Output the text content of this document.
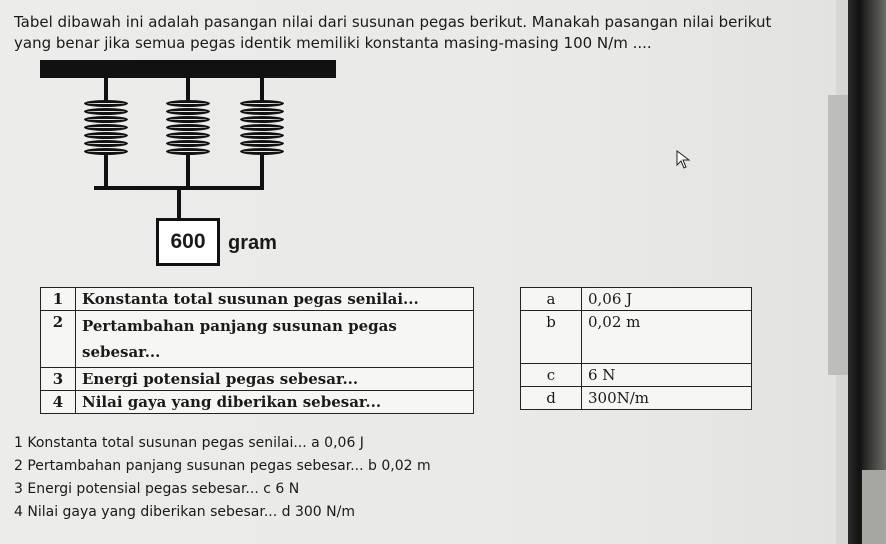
Tabel dibawah ini adalah pasangan nilai dari susunan pegas berikut. Manakah pasangan nilai berikut yang benar jika semua pegas identik memiliki konstanta masing-masing 100 N/m ....
600	gram
1	Konstanta total susunan pegas senilai...
2	Pertambahan panjang susunan pegas sebesar...
3	Energi potensial pegas sebesar...
4	Nilai gaya yang diberikan sebesar...
a	0,06 J
b	0,02 m
c	6 N
d	300N/m
1 Konstanta total susunan pegas senilai... a 0,06 J
2 Pertambahan panjang susunan pegas sebesar... b 0,02 m
3 Energi potensial pegas sebesar... c 6 N
4 Nilai gaya yang diberikan sebesar... d 300 N/m
